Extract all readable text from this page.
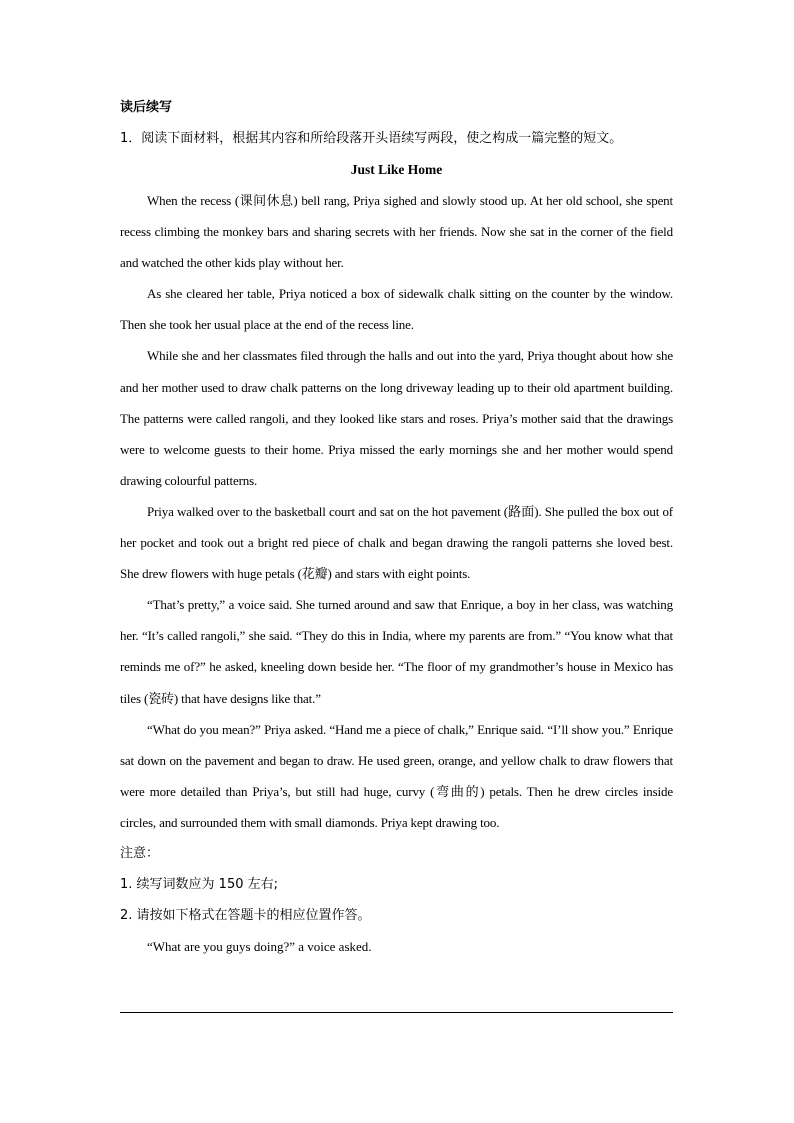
读后续写

1．阅读下面材料，根据其内容和所给段落开头语续写两段，使之构成一篇完整的短文。

Just Like Home

When the recess (课间休息) bell rang, Priya sighed and slowly stood up. At her old school, she spent recess climbing the monkey bars and sharing secrets with her friends. Now she sat in the corner of the field and watched the other kids play without her.

As she cleared her table, Priya noticed a box of sidewalk chalk sitting on the counter by the window. Then she took her usual place at the end of the recess line.

While she and her classmates filed through the halls and out into the yard, Priya thought about how she and her mother used to draw chalk patterns on the long driveway leading up to their old apartment building. The patterns were called rangoli, and they looked like stars and roses. Priya’s mother said that the drawings were to welcome guests to their home. Priya missed the early mornings she and her mother would spend drawing colourful patterns.

Priya walked over to the basketball court and sat on the hot pavement (路面). She pulled the box out of her pocket and took out a bright red piece of chalk and began drawing the rangoli patterns she loved best. She drew flowers with huge petals (花瓣) and stars with eight points.

“That’s pretty,” a voice said. She turned around and saw that Enrique, a boy in her class, was watching her. “It’s called rangoli,” she said. “They do this in India, where my parents are from.” “You know what that reminds me of?” he asked, kneeling down beside her. “The floor of my grandmother’s house in Mexico has tiles (瓷砖) that have designs like that.”

“What do you mean?” Priya asked. “Hand me a piece of chalk,” Enrique said. “I’ll show you.” Enrique sat down on the pavement and began to draw. He used green, orange, and yellow chalk to draw flowers that were more detailed than Priya’s, but still had huge, curvy (弯曲的) petals. Then he drew circles inside circles, and surrounded them with small diamonds. Priya kept drawing too.

注意：

1. 续写词数应为 150 左右;

2. 请按如下格式在答题卡的相应位置作答。

“What are you guys doing?” a voice asked.
